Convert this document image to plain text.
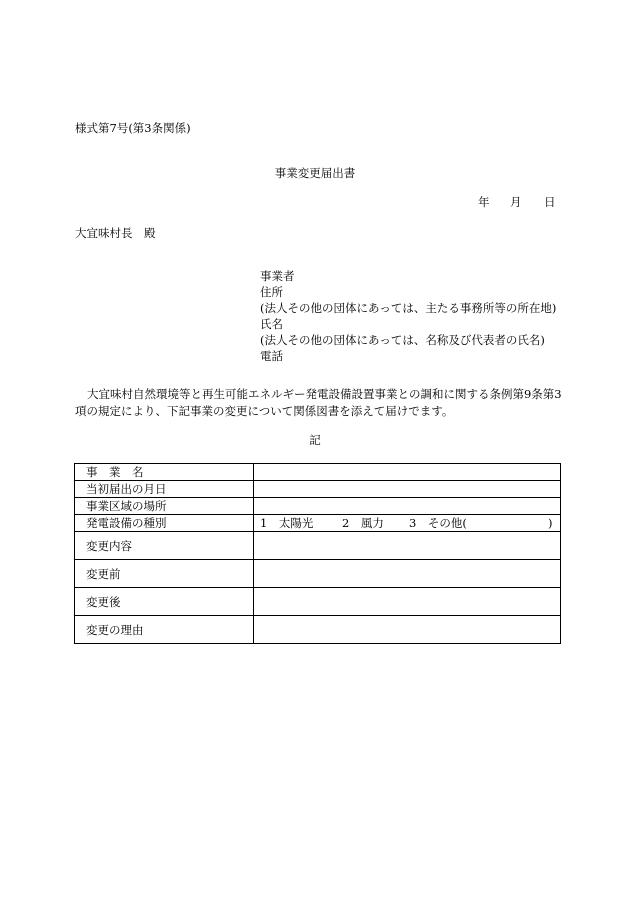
様式第7号(第3条関係)
事業変更届出書
年 月 日
大宜味村長　殿
事業者
住所
(法人その他の団体にあっては、主たる事務所等の所在地)
氏名
(法人その他の団体にあっては、名称及び代表者の氏名)
電話
大宜味村自然環境等と再生可能エネルギー発電設備設置事業との調和に関する条例第9条第3項の規定により、下記事業の変更について関係図書を添えて届けでます。
記
事　業　名	
当初届出の月日	
事業区域の場所	
発電設備の種別	1　太陽光 2　風力 3　その他( )
変更内容	
変更前	
変更後	
変更の理由	
